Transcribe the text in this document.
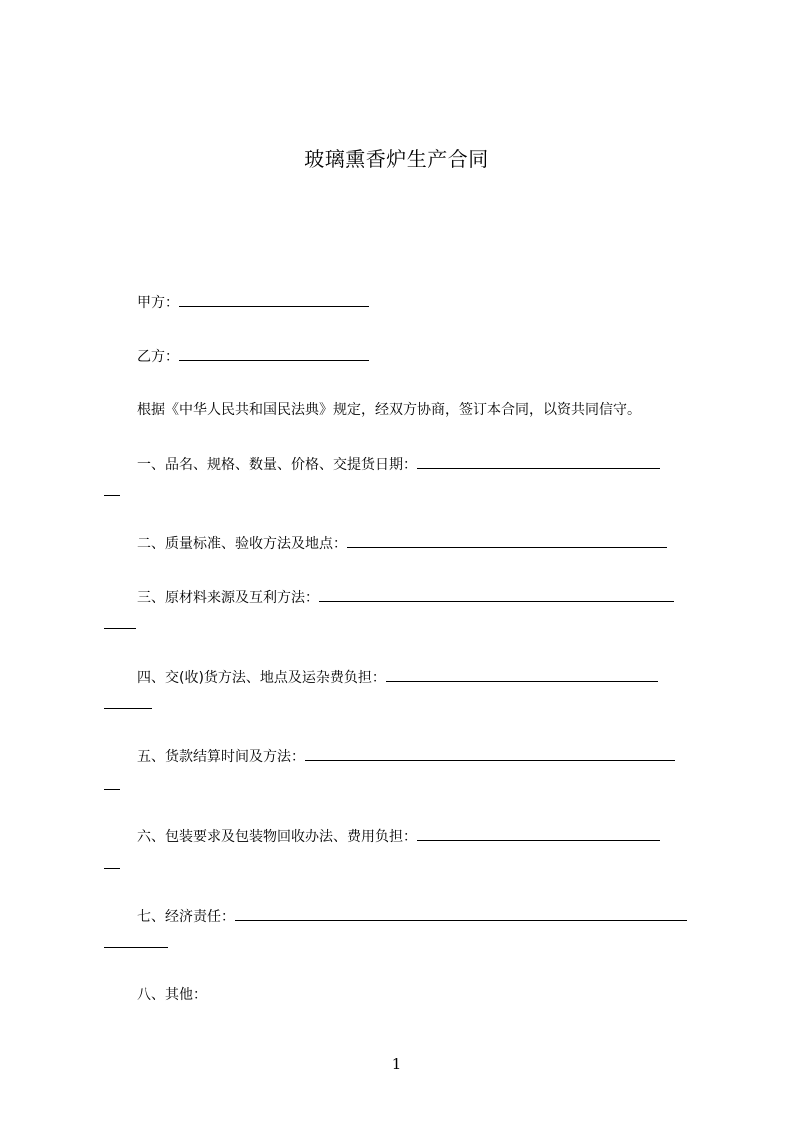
玻璃熏香炉生产合同
甲方：
乙方：
根据《中华人民共和国民法典》规定，经双方协商，签订本合同，以资共同信守。
一、品名、规格、数量、价格、交提货日期：
二、质量标准、验收方法及地点：
三、原材料来源及互利方法：
四、交(收)货方法、地点及运杂费负担：
五、货款结算时间及方法：
六、包装要求及包装物回收办法、费用负担：
七、经济责任：
八、其他：
1
